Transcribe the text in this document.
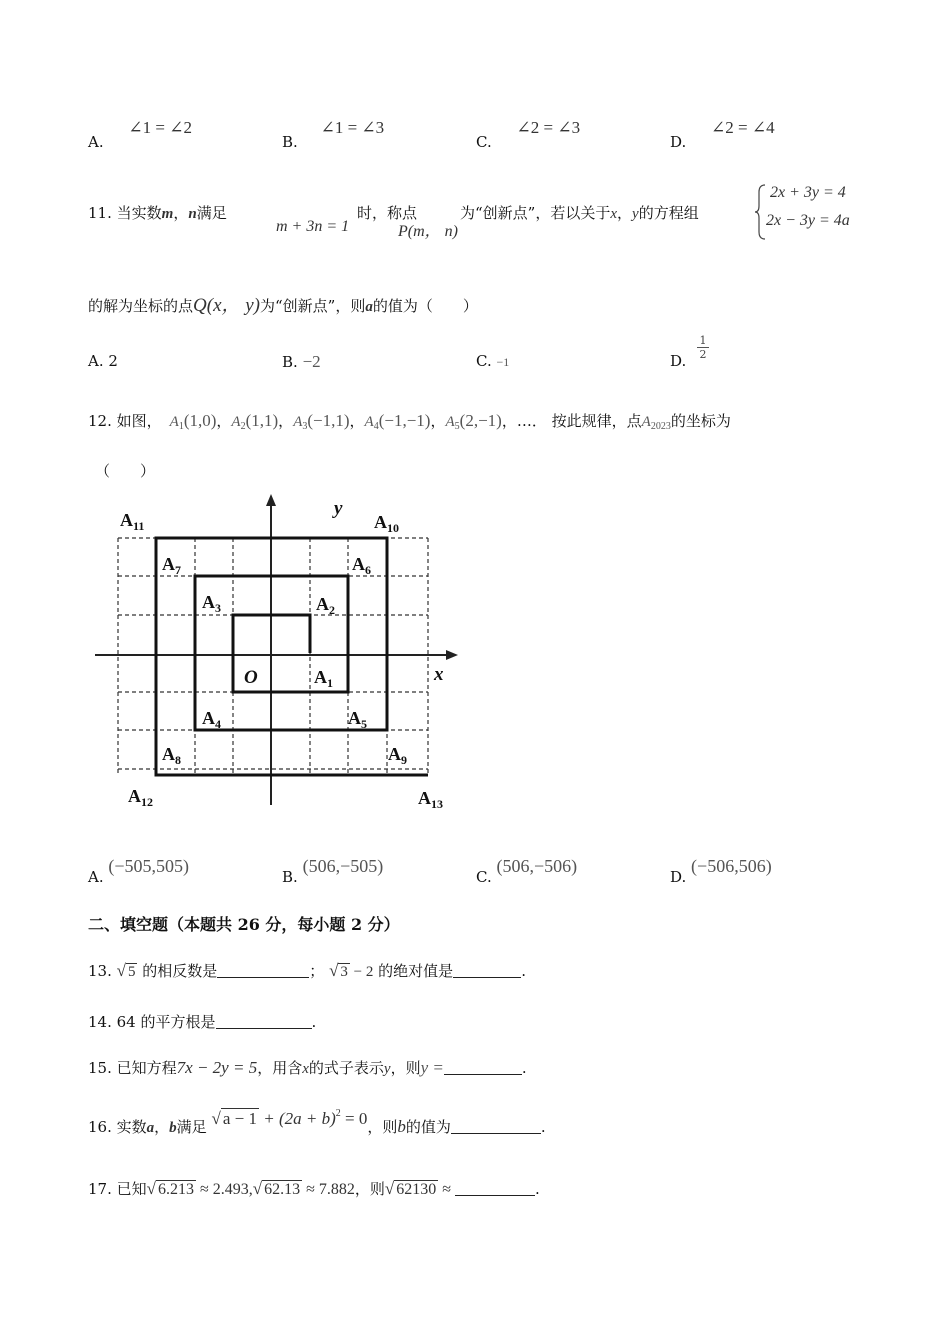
A. ∠1 = ∠2
B. ∠1 = ∠3
C. ∠2 = ∠3
D. ∠2 = ∠4
11. 当实数m，n满足
m + 3n = 1
时，称点
P(m， n)
为“创新点”，若以关于x，y的方程组
2x + 3y = 4
2x − 3y = 4a
的解为坐标的点Q(x， y)为“创新点”，则a的值为（　　）
A. 2	B. −2	C. −1	D. $\frac{1}{2}$
12. 如图， $A_1(1,0)$，$A_2(1,1)$，$A_3(-1,1)$，$A_4(-1,-1)$，$A_5(2,-1)$，…． 按此规律，点$A_{2023}$的坐标为
（　　）
y
x
O	$A_1$
$A_2$
$A_3$
$A_4$	$A_5$
$A_6$
$A_7$
$A_8$	$A_9$
$A_{10}$
$A_{11}$
$A_{12}$	$A_{13}$
A. (−505,505)
B. (506,−505)
C. (506,−506)
D. (−506,506)
二、填空题（本题共 26 分，每小题 2 分）
13. √ 5 的相反数是	； √ 3 − 2 的绝对值是	.
14. 64 的平方根是	.
15. 已知方程7x − 2y = 5，用含x的式子表示y，则y =	.
16. 实数a，b满足 √ $a - 1 + (2a + b)^2 = 0$，则b的值为	.
17. 已知√ 6.213 ≈ 2.493,√ 62.13 ≈ 7.882，则√ 62130 ≈	.
